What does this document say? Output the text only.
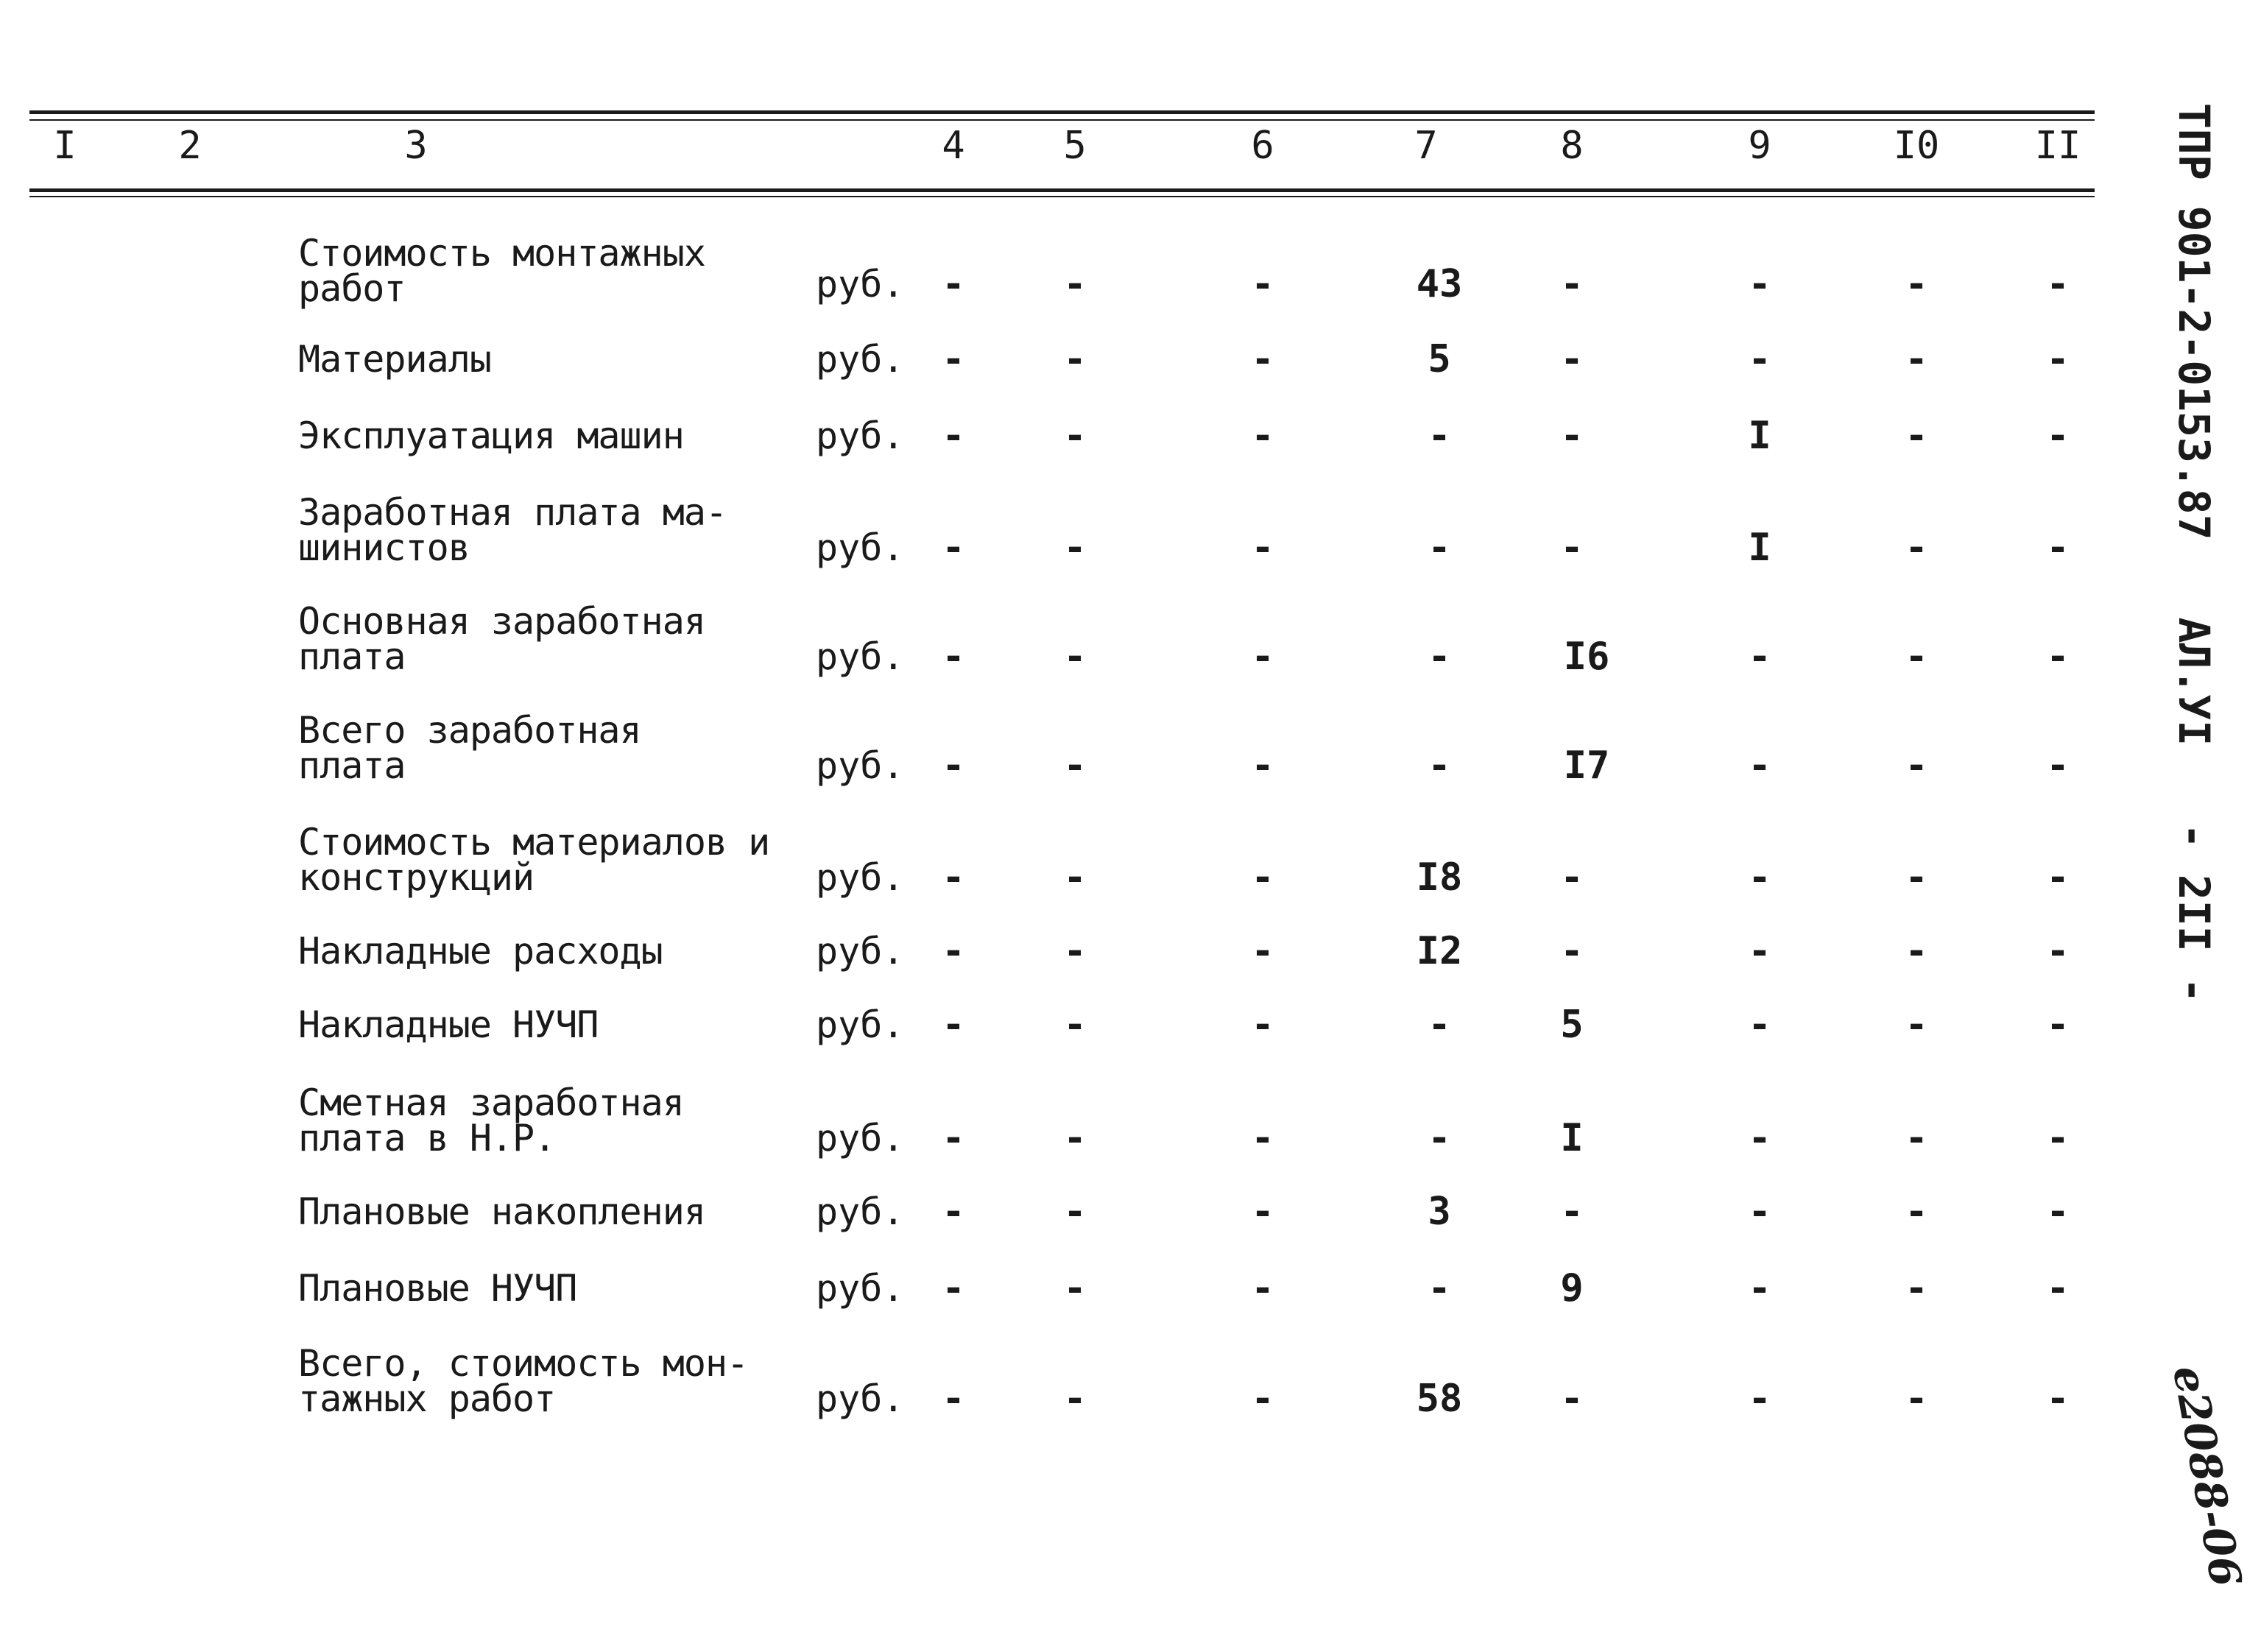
I	2	3	4	5	6	7	8	9	I0 II
Стоимость монтажных
работ	руб. -	-	-	43	-	-	-	-
Материалы	руб. -	-	-	5	-	-	-	-
Эксплуатация машин	руб. -	-	-	-	-	I	-	-
Заработная плата ма-
шинистов	руб. -	-	-	-	-	I	-	-
Основная заработная
плата	руб. -	-	-	-	I6	-	-	-
Всего заработная
плата	руб. -	-	-	-	I7	-	-	-
Стоимость материалов и
конструкций	руб. -	-	-	I8	-	-	-	-
Накладные расходы	руб. -	-	-	I2	-	-	-	-
Накладные НУЧП	руб. -	-	-	-	5	-	-	-
Сметная заработная
плата в Н.Р.	руб. -	-	-	-	I	-	-	-
Плановые накопления	руб. -	-	-	3	-	-	-	-
Плановые НУЧП	руб. -	-	-	-	9	-	-	-
Всего, стоимость мон-
тажных работ	руб. -	-	-	58	-	-	-	-
ТПР 901-2-0153.87 АЛ.УI - 2II -
e2088-06
